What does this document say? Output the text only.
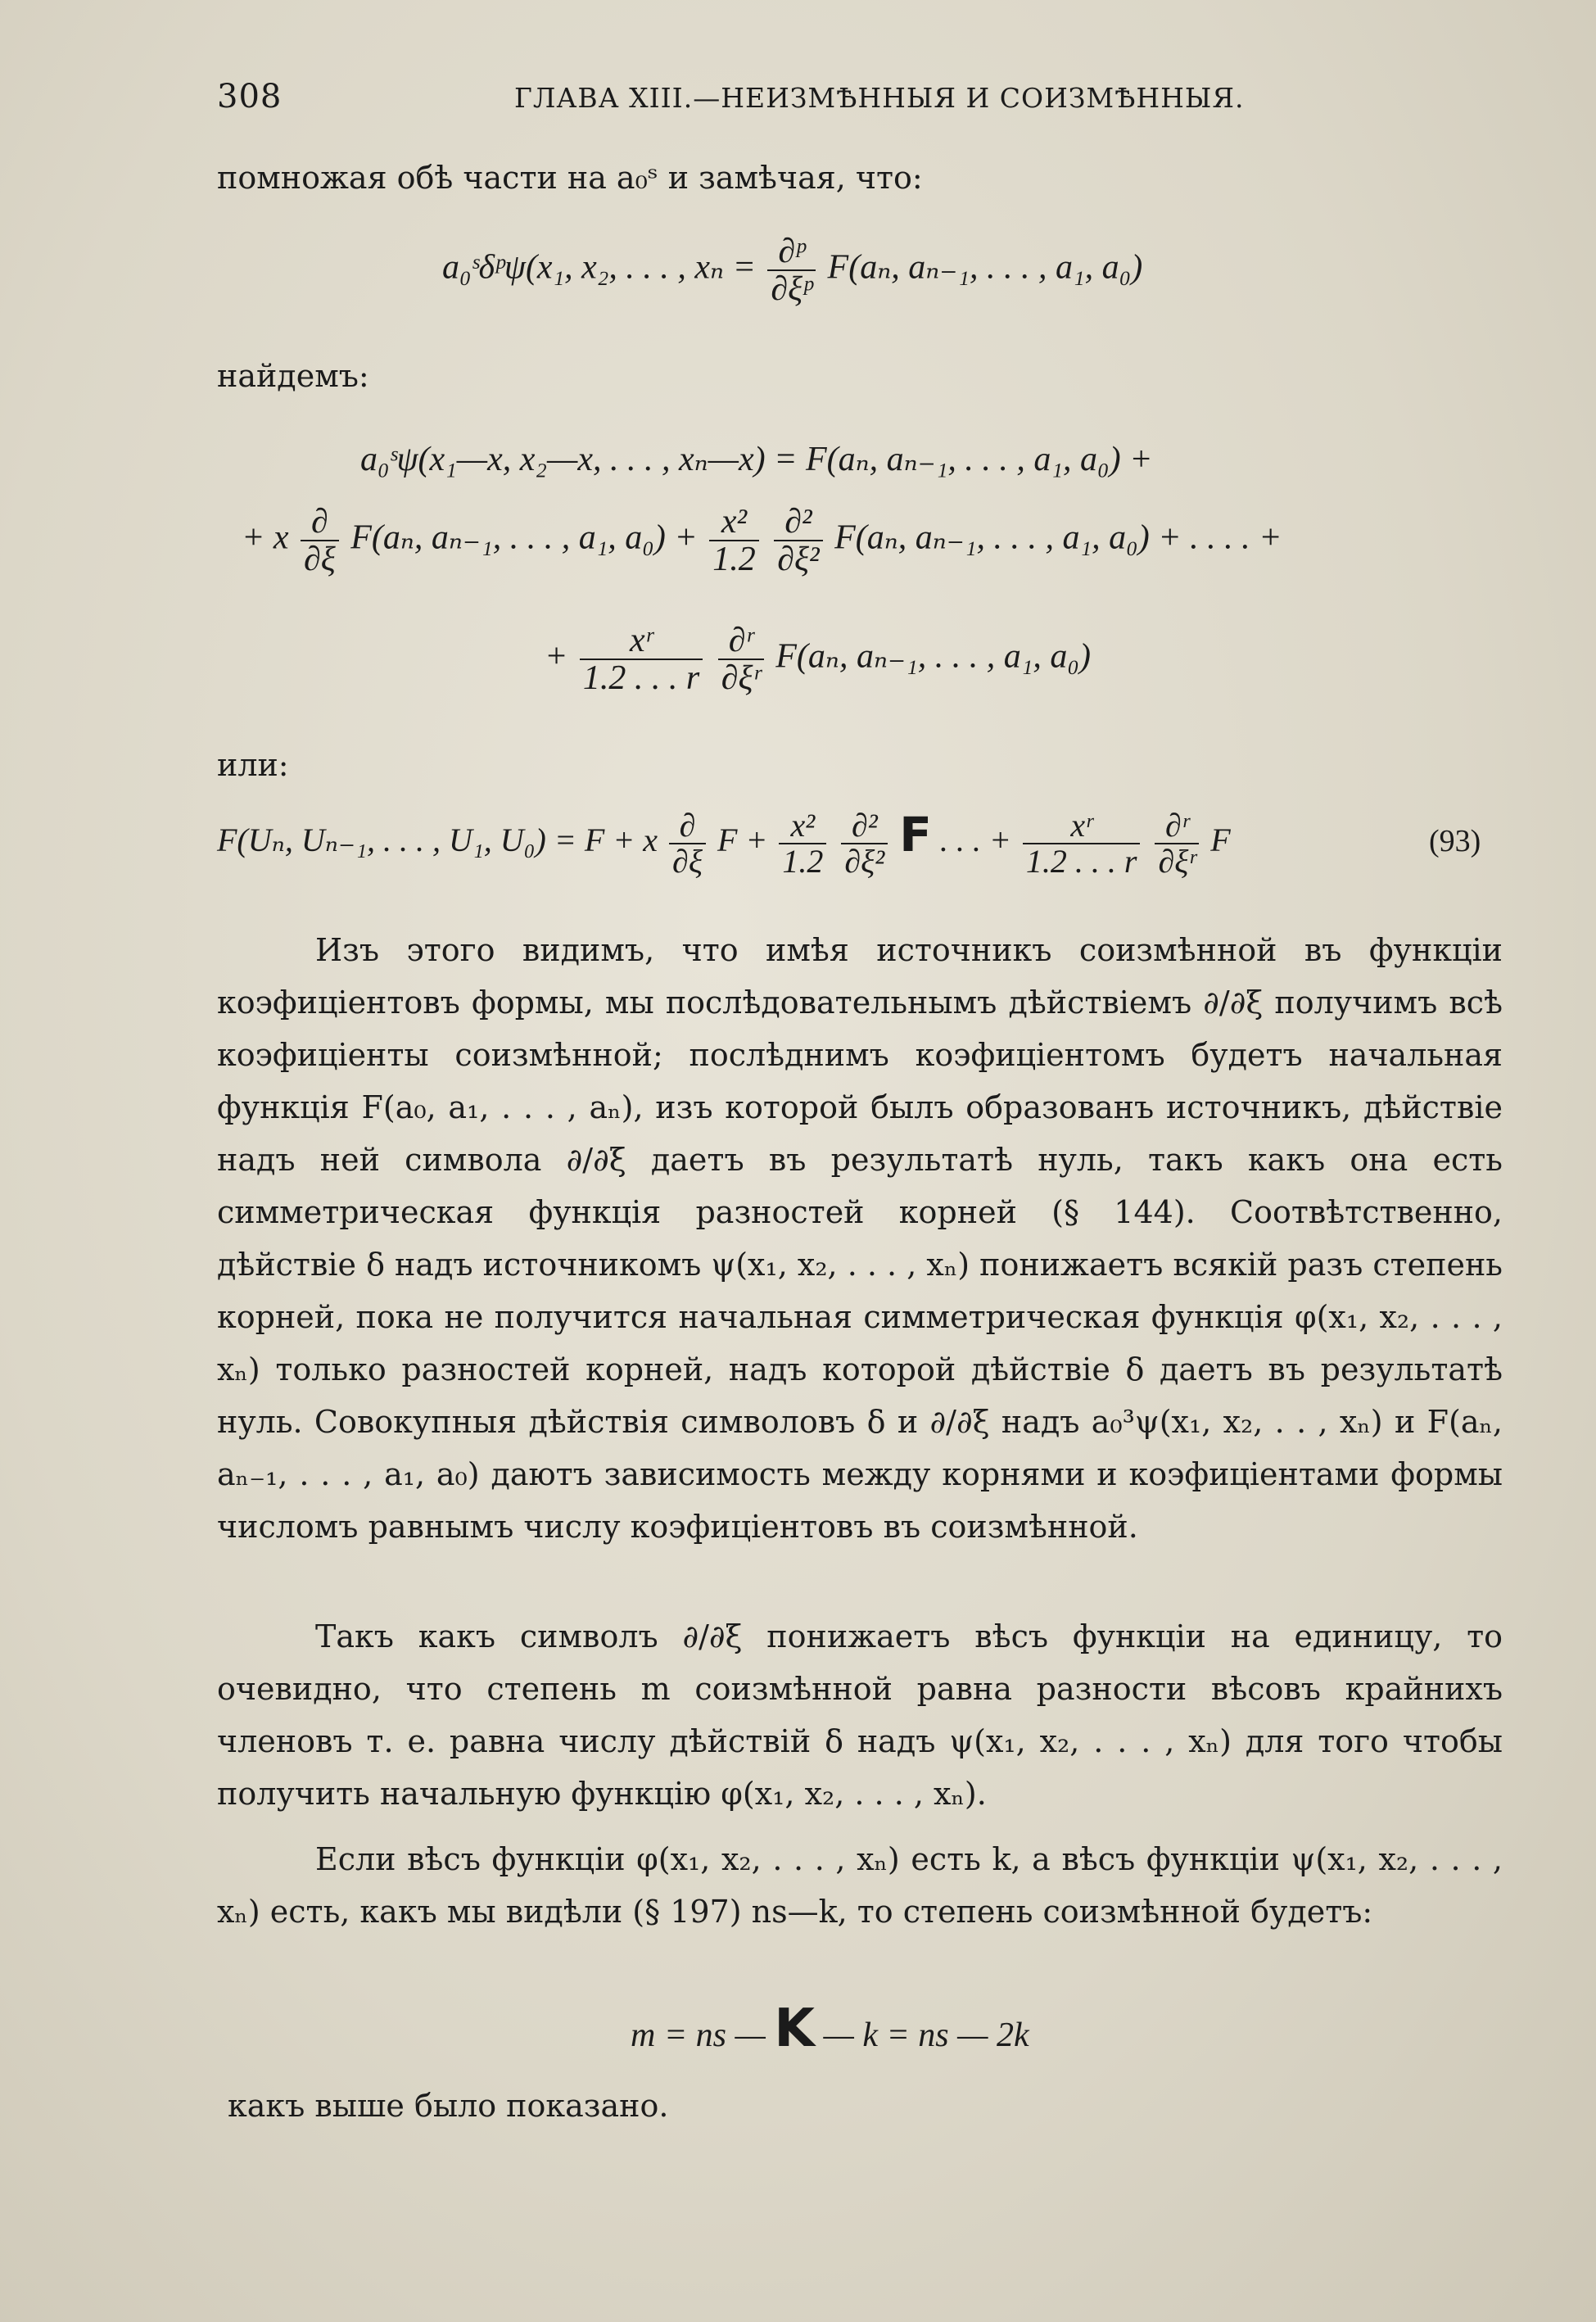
308	ГЛАВА XIII.—НЕИЗМѢННЫЯ И СОИЗМѢННЫЯ.
помножая обѣ части на a₀ˢ и замѣчая, что:
a₀ˢδᵖψ(x₁, x₂, . . . , $x_n = \frac{\text{∂ᵖ}}{\text{∂ξᵖ}} F(a_n$, aₙ₋₁, . . . , a₁, a₀)
найдемъ:
a₀ˢψ(x₁—x, x₂—x, . . . , xₙ—x) = F(aₙ, aₙ₋₁, . . . , a₁, a₀) +
+ x $\frac{\partial}{\partial\xi} F(a_n$, aₙ₋₁, . . . , a₁, $a_0) + \frac{\text{x²}}{1.2}$
$\frac{\text{∂²}}{\text{∂ξ²}} F(a_n$, aₙ₋₁, . . . , a₁, a₀) + . . . . +
+ $\frac{\text{xʳ}}{1.2 . . . r}$
$\frac{\text{∂ʳ}}{\text{∂ξʳ}} F(a_n$, aₙ₋₁, . . . , a₁, a₀)
или:
F(Uₙ, Uₙ₋₁, . . . , U₁, U₀) = F + x $\frac{\partial}{\partial\xi}$ $F + \frac{\text{x²}}{1.2}$
$\frac{\text{∂²}}{\text{∂ξ²}}$ F . . . + $\frac{\text{xʳ}}{1.2 . . . r}$
$\frac{\text{∂ʳ}}{\text{∂ξʳ}}$ F	(93)

Изъ этого видимъ, что имѣя источникъ соизмѣнной въ функціи коэфиціентовъ формы, мы послѣдовательнымъ дѣйствіемъ ∂/∂ξ получимъ всѣ коэфиціенты соизмѣнной; послѣднимъ коэфиціентомъ будетъ начальная функція F(a₀, a₁, . . . , aₙ), изъ которой былъ образованъ источникъ, дѣйствіе надъ ней символа ∂/∂ξ даетъ въ результатѣ нуль, такъ какъ она есть симметрическая функція разностей корней (§ 144). Соотвѣтственно, дѣйствіе δ надъ источникомъ ψ(x₁, x₂, . . . , xₙ) понижаетъ всякій разъ степень корней, пока не получится начальная симметрическая функція φ(x₁, x₂, . . . , xₙ) только разностей корней, надъ которой дѣйствіе δ даетъ въ результатѣ нуль. Совокупныя дѣйствія символовъ δ и ∂/∂ξ надъ a₀³ψ(x₁, x₂, . . , xₙ) и F(aₙ, aₙ₋₁, . . . , a₁, a₀) даютъ зависимость между корнями и коэфиціентами формы числомъ равнымъ числу коэфиціентовъ въ соизмѣнной.

Такъ какъ символъ ∂/∂ξ понижаетъ вѣсъ функціи на единицу, то очевидно, что степень m соизмѣнной равна разности вѣсовъ крайнихъ членовъ т. е. равна числу дѣйствій δ надъ ψ(x₁, x₂, . . . , xₙ) для того чтобы получить начальную функцію φ(x₁, x₂, . . . , xₙ).

Если вѣсъ функціи φ(x₁, x₂, . . . , xₙ) есть k, а вѣсъ функціи ψ(x₁, x₂, . . . , xₙ) есть, какъ мы видѣли (§ 197) ns—k, то степень соизмѣнной будетъ:

m = ns — K — k = ns — 2k
какъ выше было показано.
